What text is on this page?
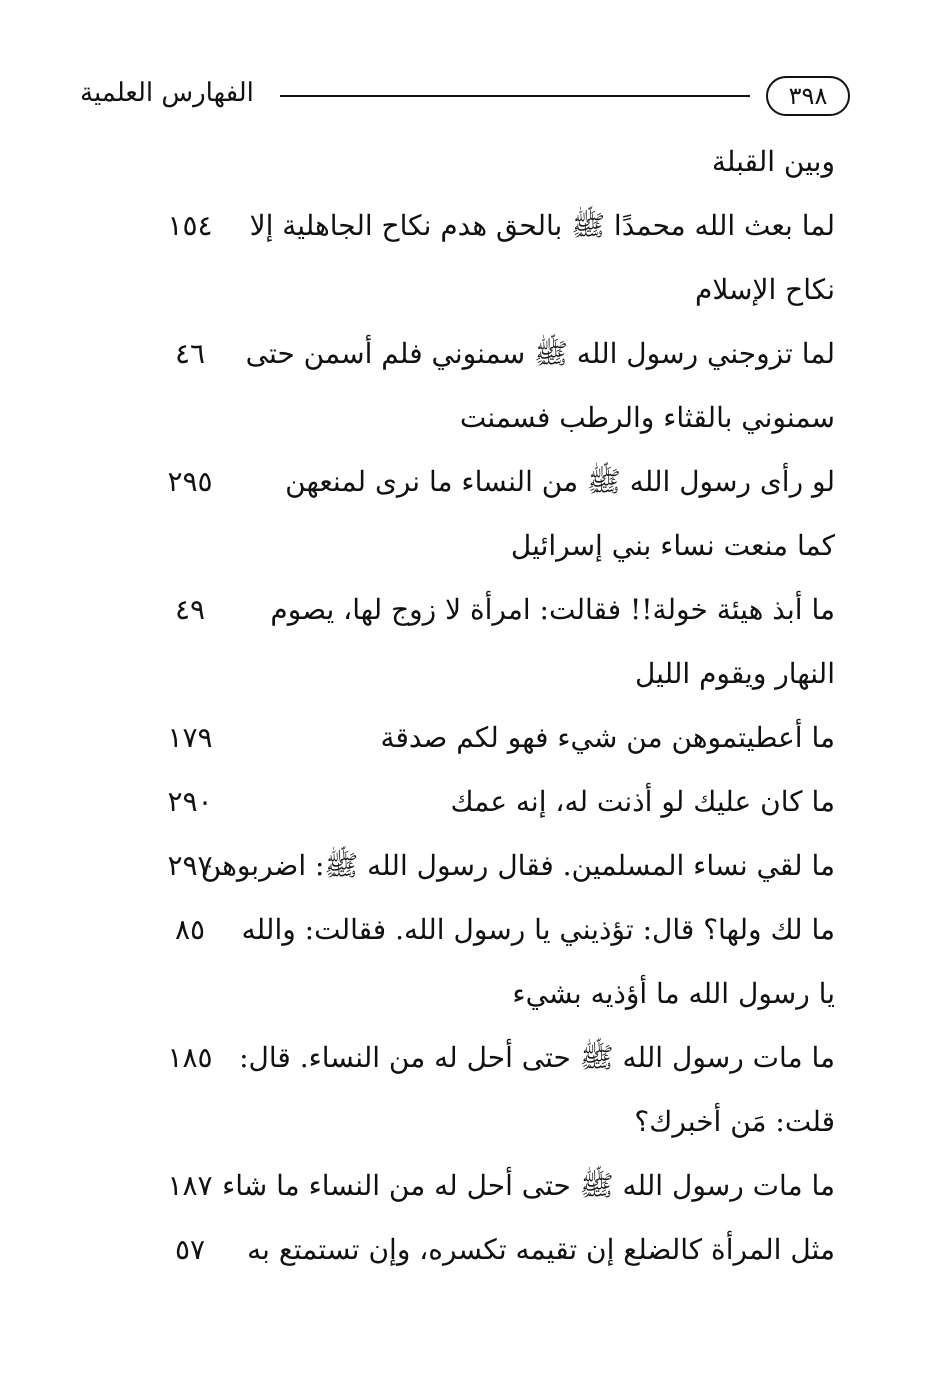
٣٩٨
الفهارس العلمية
وبين القبلة
لما بعث الله محمدًا ﷺ بالحق هدم نكاح الجاهلية إلا
نكاح الإسلام
١٥٤
لما تزوجني رسول الله ﷺ سمنوني فلم أسمن حتى
سمنوني بالقثاء والرطب فسمنت
٤٦
لو رأى رسول الله ﷺ من النساء ما نرى لمنعهن
كما منعت نساء بني إسرائيل
٢٩٥
ما أبذ هيئة خولة!! فقالت: امرأة لا زوج لها، يصوم
النهار ويقوم الليل
٤٩
ما أعطيتموهن من شيء فهو لكم صدقة
١٧٩
ما كان عليك لو أذنت له، إنه عمك
٢٩٠
ما لقي نساء المسلمين. فقال رسول الله ﷺ: اضربوهن
٢٩٧
ما لك ولها؟ قال: تؤذيني يا رسول الله. فقالت: والله
يا رسول الله ما أؤذيه بشيء
٨٥
ما مات رسول الله ﷺ حتى أحل له من النساء. قال:
قلت: مَن أخبرك؟
١٨٥
ما مات رسول الله ﷺ حتى أحل له من النساء ما شاء
١٨٧
مثل المرأة كالضلع إن تقيمه تكسره، وإن تستمتع به
٥٧
